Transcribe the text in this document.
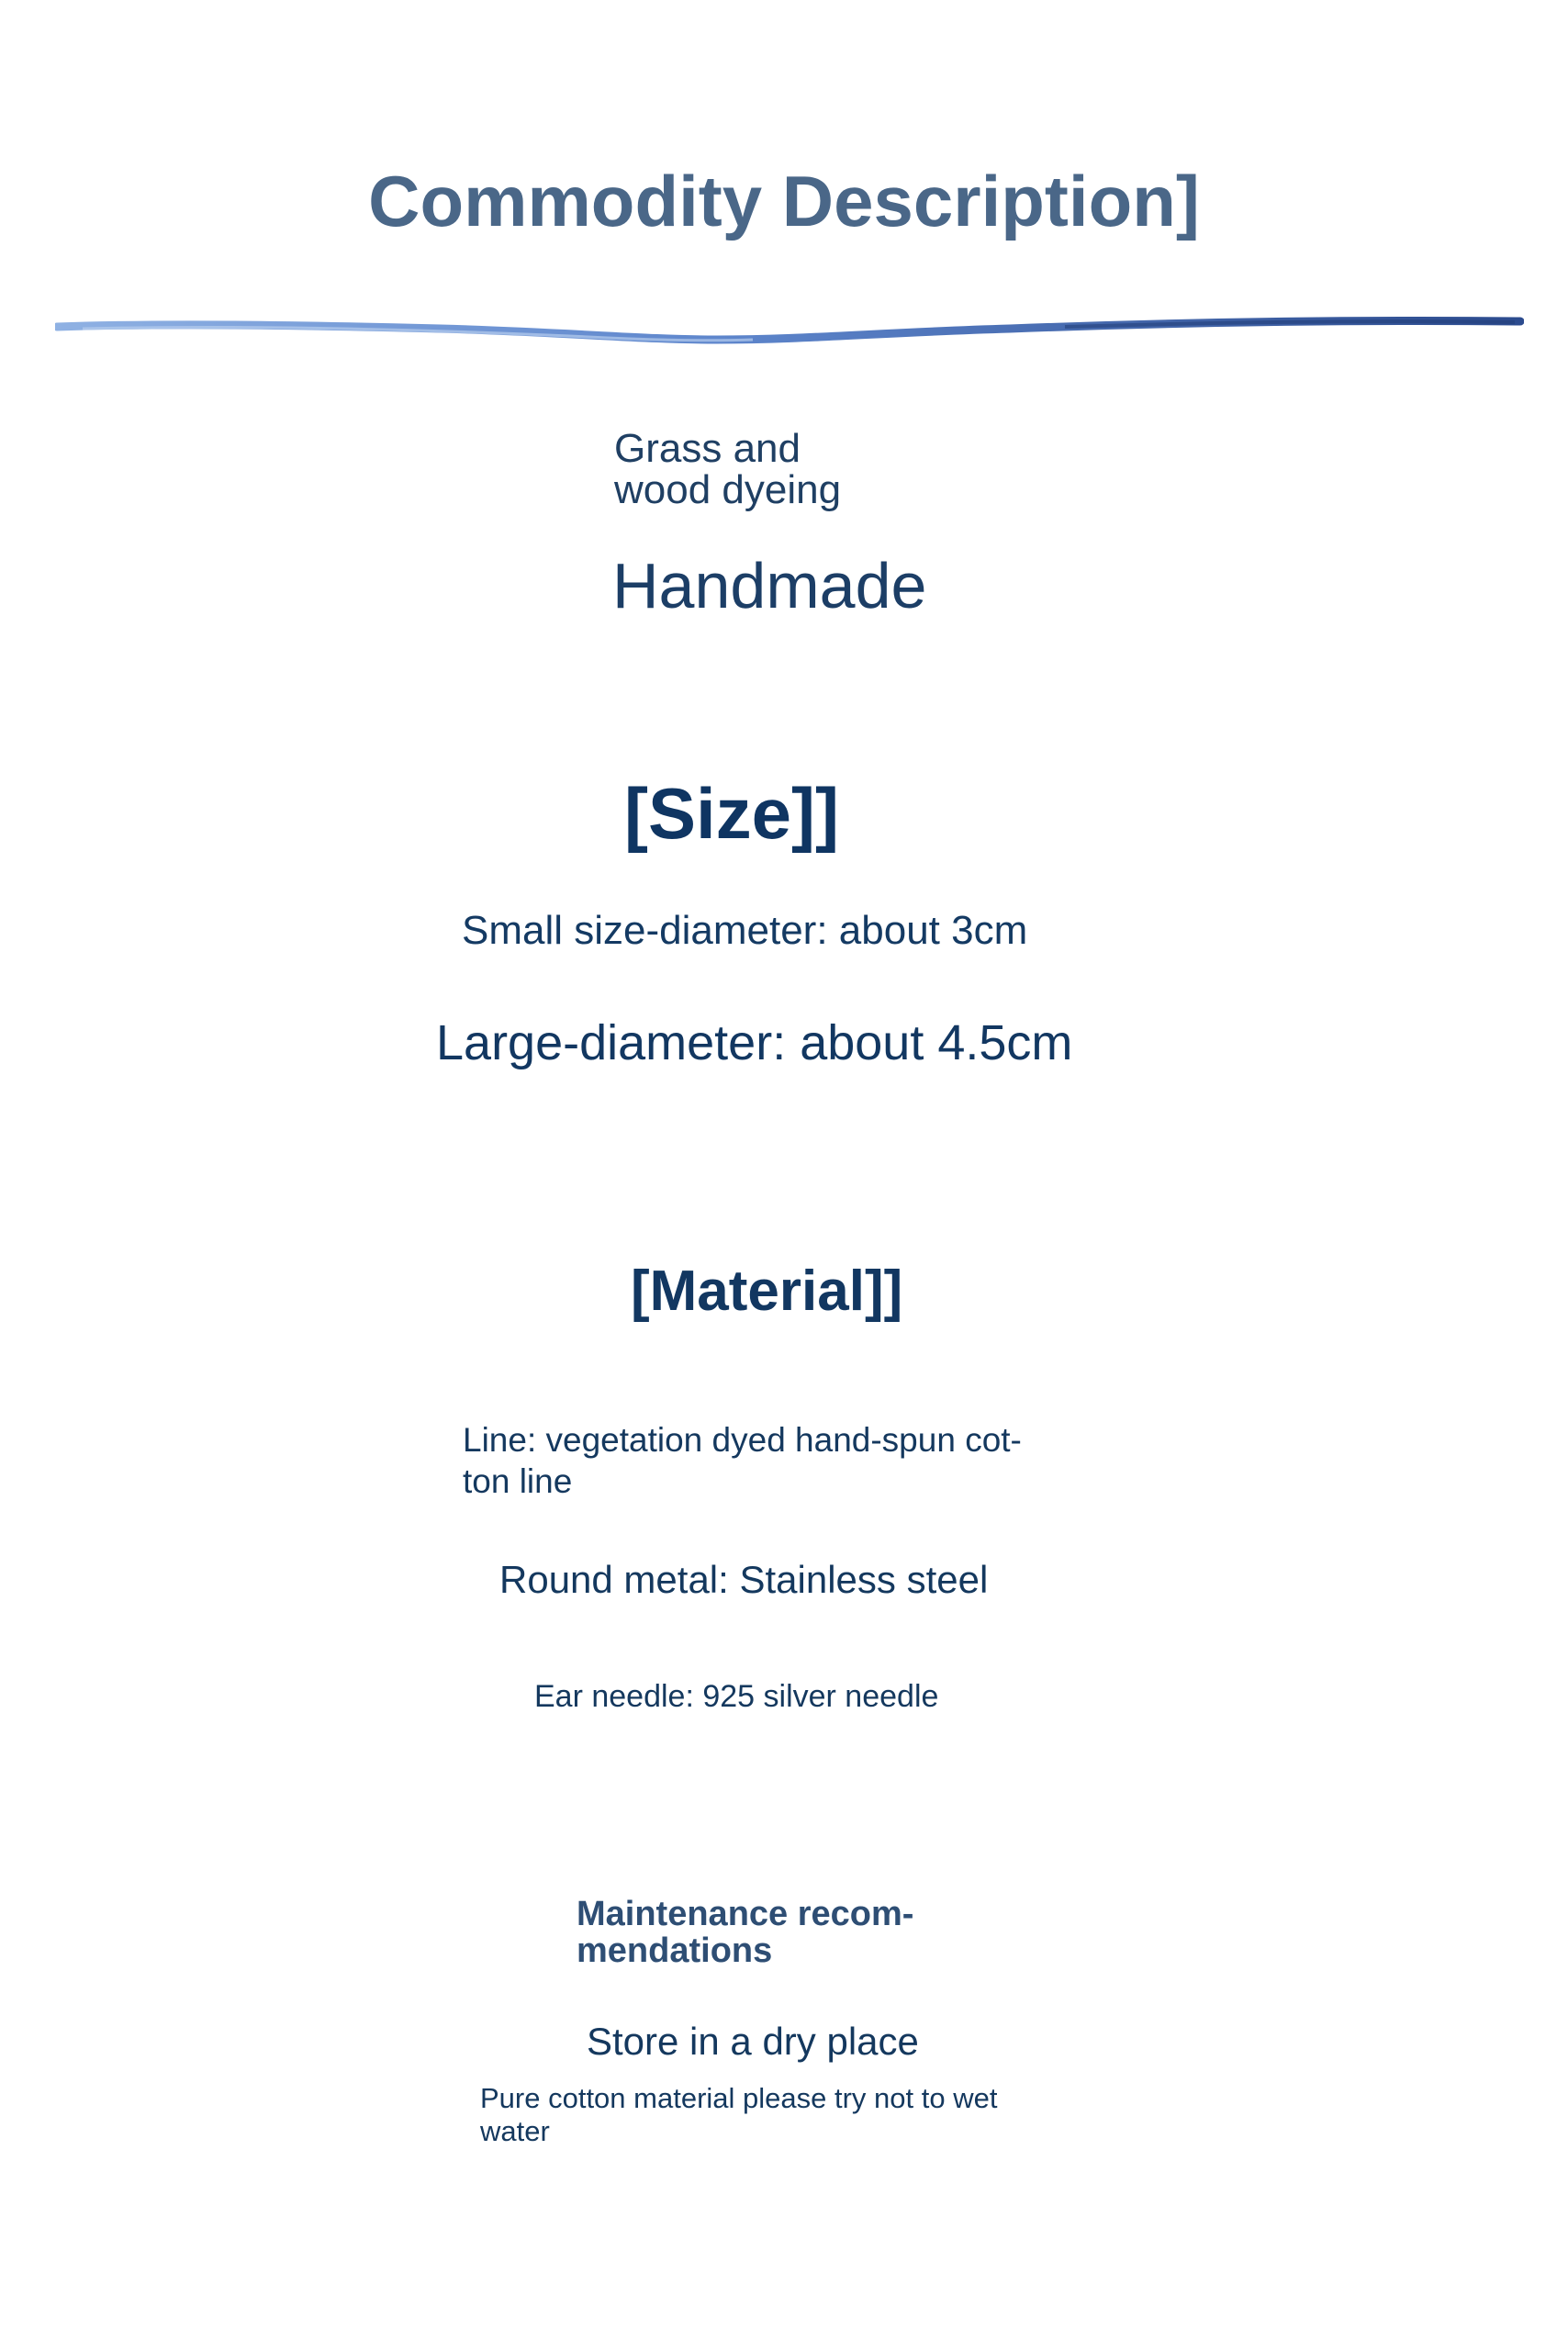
Commodity Description]

Grass and wood dyeing

Handmade

[Size]]

Small size-diameter: about 3cm

Large-diameter: about 4.5cm

[Material]]

Line: vegetation dyed hand-spun cot-ton line

Round metal: Stainless steel

Ear needle: 925 silver needle

Maintenance recom-mendations

Store in a dry place

Pure cotton material please try not to wet water
